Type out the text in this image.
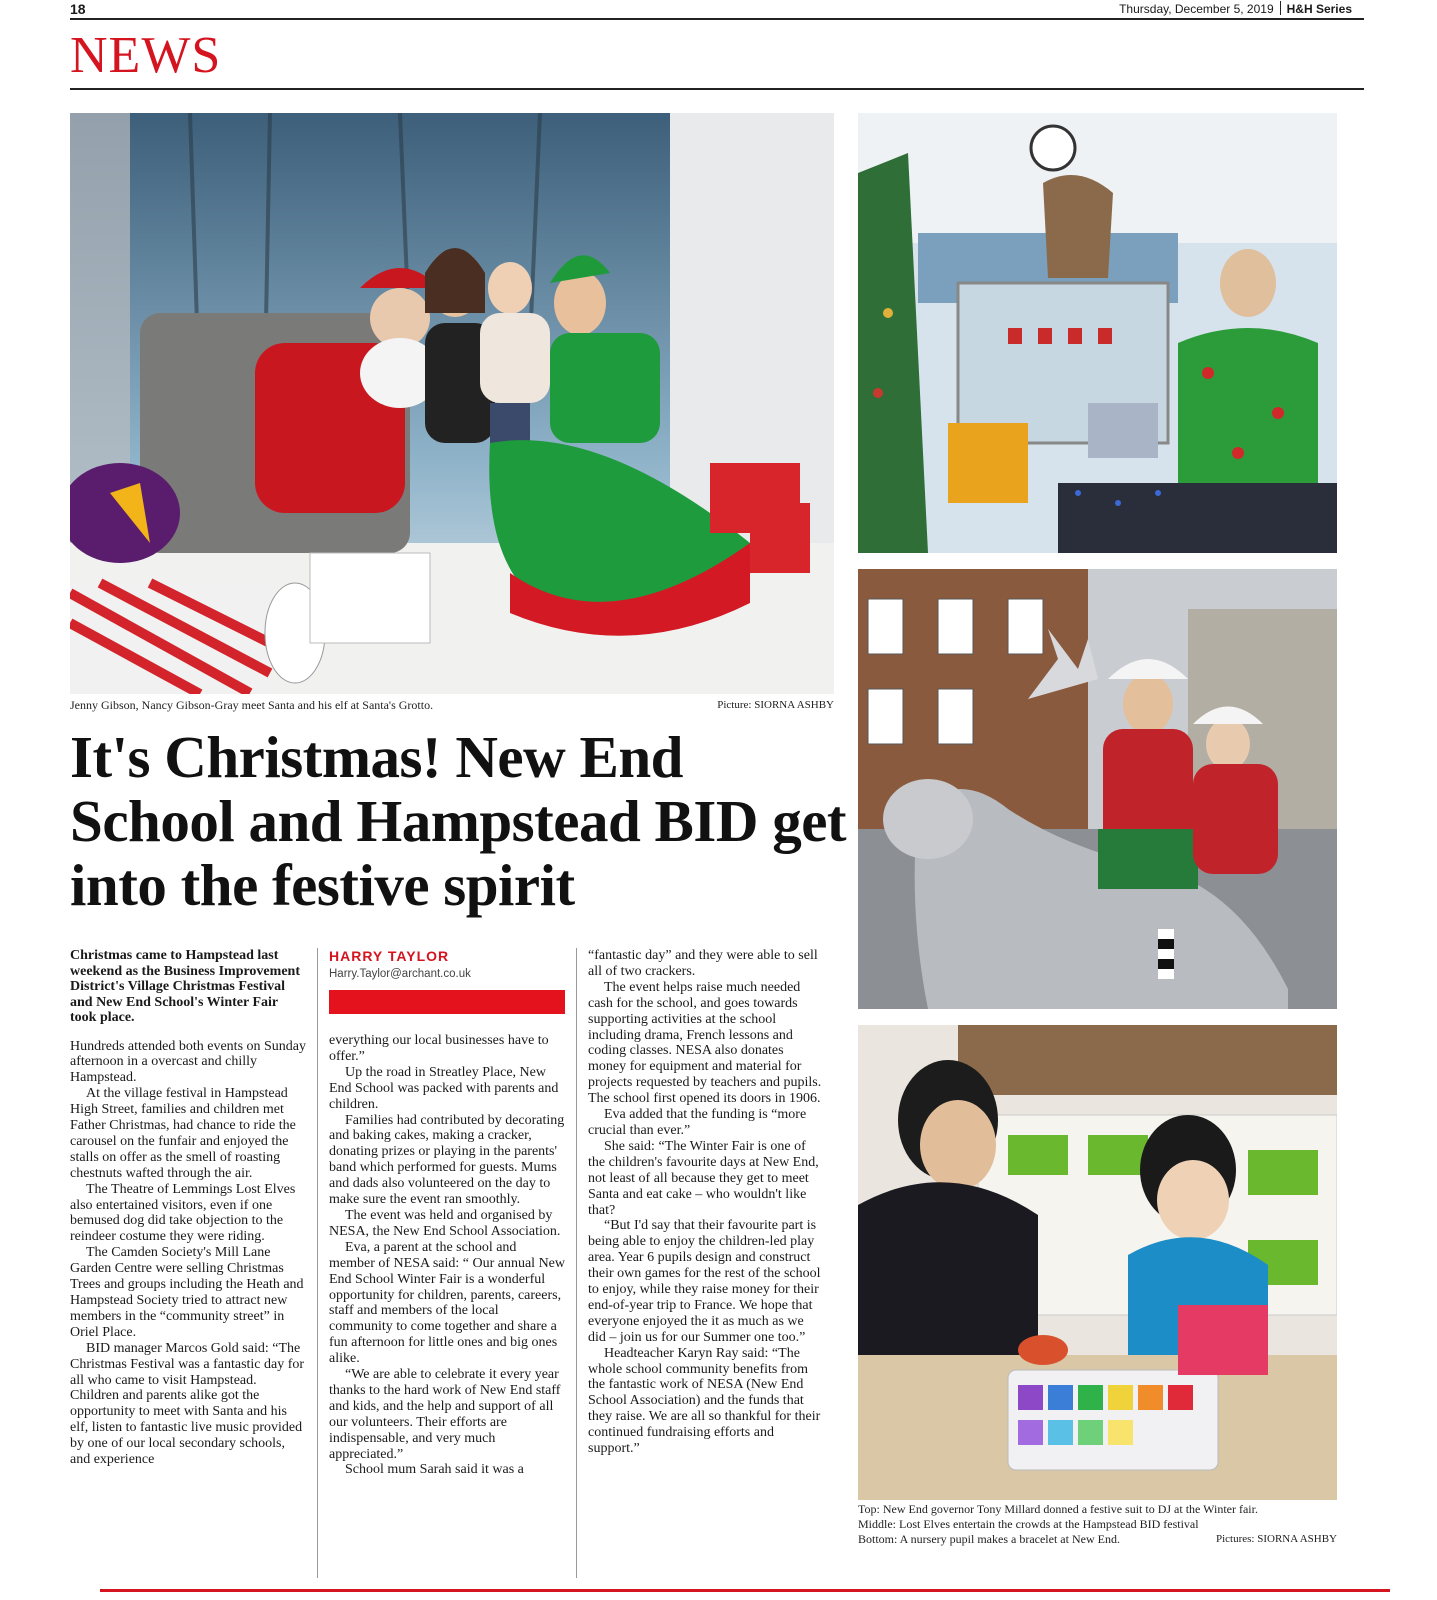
18	Thursday, December 5, 2019 H&H Series
NEWS
Jenny Gibson, Nancy Gibson-Gray meet Santa and his elf at Santa's Grotto.	Picture: SIORNA ASHBY
It's Christmas! New End School and Hampstead BID get into the festive spirit
Christmas came to Hampstead last weekend as the Business Improvement District's Village Christmas Festival and New End School's Winter Fair took place.

Hundreds attended both events on Sunday afternoon in a overcast and chilly Hampstead.

At the village festival in Hampstead High Street, families and children met Father Christmas, had chance to ride the carousel on the funfair and enjoyed the stalls on offer as the smell of roasting chestnuts wafted through the air.

The Theatre of Lemmings Lost Elves also entertained visitors, even if one bemused dog did take objection to the reindeer costume they were riding.

The Camden Society's Mill Lane Garden Centre were selling Christmas Trees and groups including the Heath and Hampstead Society tried to attract new members in the “community street” in Oriel Place.

BID manager Marcos Gold said: “The Christmas Festival was a fantastic day for all who came to visit Hampstead. Children and parents alike got the opportunity to meet with Santa and his elf, listen to fantastic live music provided by one of our local secondary schools, and experience

HARRY TAYLOR
Harry.Taylor@archant.co.uk

everything our local businesses have to offer.”

Up the road in Streatley Place, New End School was packed with parents and children.

Families had contributed by decorating and baking cakes, making a cracker, donating prizes or playing in the parents' band which performed for guests. Mums and dads also volunteered on the day to make sure the event ran smoothly.

The event was held and organised by NESA, the New End School Association.

Eva, a parent at the school and member of NESA said: “ Our annual New End School Winter Fair is a wonderful opportunity for children, parents, careers, staff and members of the local community to come together and share a fun afternoon for little ones and big ones alike.

“We are able to celebrate it every year thanks to the hard work of New End staff and kids, and the help and support of all our volunteers. Their efforts are indispensable, and very much appreciated.”

School mum Sarah said it was a

“fantastic day” and they were able to sell all of two crackers.

The event helps raise much needed cash for the school, and goes towards supporting activities at the school including drama, French lessons and coding classes. NESA also donates money for equipment and material for projects requested by teachers and pupils. The school first opened its doors in 1906.

Eva added that the funding is “more crucial than ever.”

She said: “The Winter Fair is one of the children's favourite days at New End, not least of all because they get to meet Santa and eat cake – who wouldn't like that?

“But I'd say that their favourite part is being able to enjoy the children-led play area. Year 6 pupils design and construct their own games for the rest of the school to enjoy, while they raise money for their end-of-year trip to France. We hope that everyone enjoyed the it as much as we did – join us for our Summer one too.”

Headteacher Karyn Ray said: “The whole school community benefits from the fantastic work of NESA (New End School Association) and the funds that they raise. We are all so thankful for their continued fundraising efforts and support.”

Top: New End governor Tony Millard donned a festive suit to DJ at the Winter fair.
Middle: Lost Elves entertain the crowds at the Hampstead BID festival
Bottom: A nursery pupil makes a bracelet at New End.	Pictures: SIORNA ASHBY
